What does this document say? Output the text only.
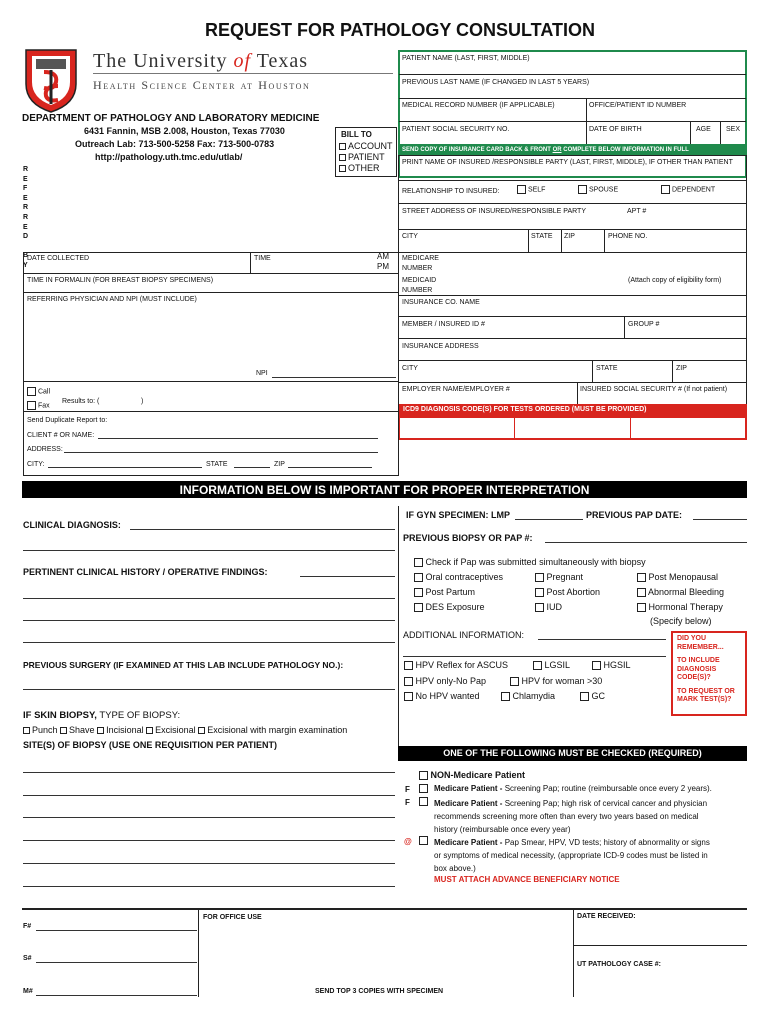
REQUEST FOR PATHOLOGY CONSULTATION
The University of Texas
Health Science Center at Houston
DEPARTMENT OF PATHOLOGY AND LABORATORY MEDICINE
6431 Fannin, MSB 2.008, Houston, Texas 77030
Outreach Lab: 713-500-5258 Fax: 713-500-0783
http://pathology.uth.tmc.edu/utlab/
BILL TO
ACCOUNT
PATIENT
OTHER
R
E
F
E
R
R
E
D

B
Y
PATIENT NAME (LAST, FIRST, MIDDLE)
PREVIOUS LAST NAME (IF CHANGED IN LAST 5 YEARS)
MEDICAL RECORD NUMBER (IF APPLICABLE)	OFFICE/PATIENT ID NUMBER
PATIENT SOCIAL SECURITY NO.	DATE OF BIRTH	AGE SEX
SEND COPY OF INSURANCE CARD BACK & FRONT OR COMPLETE BELOW INFORMATION IN FULL
PRINT NAME OF INSURED /RESPONSIBLE PARTY (LAST, FIRST, MIDDLE), IF OTHER THAN PATIENT
RELATIONSHIP TO INSURED:	SELF	SPOUSE	DEPENDENT
STREET ADDRESS OF INSURED/RESPONSIBLE PARTY	APT #
CITY	STATE ZIP	PHONE NO.
MEDICARE
NUMBER
MEDICAID
NUMBER
(Attach copy of eligibility form)
INSURANCE CO. NAME
MEMBER / INSURED ID #	GROUP #
INSURANCE ADDRESS
CITY	STATE	ZIP
EMPLOYER NAME/EMPLOYER #	INSURED SOCIAL SECURITY # (If not patient)
ICD9 DIAGNOSIS CODE(S) FOR TESTS ORDERED (MUST BE PROVIDED)
DATE COLLECTED	TIME	AM
PM
TIME IN FORMALIN (FOR BREAST BIOPSY SPECIMENS)
REFERRING PHYSICIAN AND NPI (MUST INCLUDE)
NPI
Call
Fax
Results to: (	)
Send Duplicate Report to:
CLIENT # OR NAME:
ADDRESS:
CITY:	STATE	ZIP
INFORMATION BELOW IS IMPORTANT FOR PROPER INTERPRETATION
CLINICAL DIAGNOSIS:
PERTINENT CLINICAL HISTORY / OPERATIVE FINDINGS:
PREVIOUS SURGERY (IF EXAMINED AT THIS LAB INCLUDE PATHOLOGY NO.):
IF SKIN BIOPSY, TYPE OF BIOPSY:
Punch Shave Incisional Excisional Excisional with margin examination
SITE(S) OF BIOPSY (USE ONE REQUISITION PER PATIENT)
IF GYN SPECIMEN: LMP	PREVIOUS PAP DATE:
PREVIOUS BIOPSY OR PAP #:
Check if Pap was submitted simultaneously with biopsy
Oral contraceptives	Pregnant	Post Menopausal
Post Partum	Post Abortion	Abnormal Bleeding
DES Exposure	IUD	Hormonal Therapy
(Specify below)
ADDITIONAL INFORMATION:
HPV Reflex for ASCUS	LGSIL	HGSIL
HPV only-No Pap	HPV for woman >30
No HPV wanted	Chlamydia	GC
DID YOU
REMEMBER...
TO INCLUDE
DIAGNOSIS
CODE(S)?
TO REQUEST OR
MARK TEST(S)?
ONE OF THE FOLLOWING MUST BE CHECKED (REQUIRED)
NON-Medicare Patient
F	Medicare Patient - Screening Pap; routine (reimbursable once every 2 years).
F	Medicare Patient - Screening Pap; high risk of cervical cancer and physician
recommends screening more often than every two years based on medical
history (reimbursable once every year)
@	Medicare Patient - Pap Smear, HPV, VD tests; history of abnormality or signs
or symptoms of medical necessity, (appropriate ICD-9 codes must be listed in
box above.)
MUST ATTACH ADVANCE BENEFICIARY NOTICE
F#
S#
M#
FOR OFFICE USE	DATE RECEIVED:
UT PATHOLOGY CASE #:
SEND TOP 3 COPIES WITH SPECIMEN
